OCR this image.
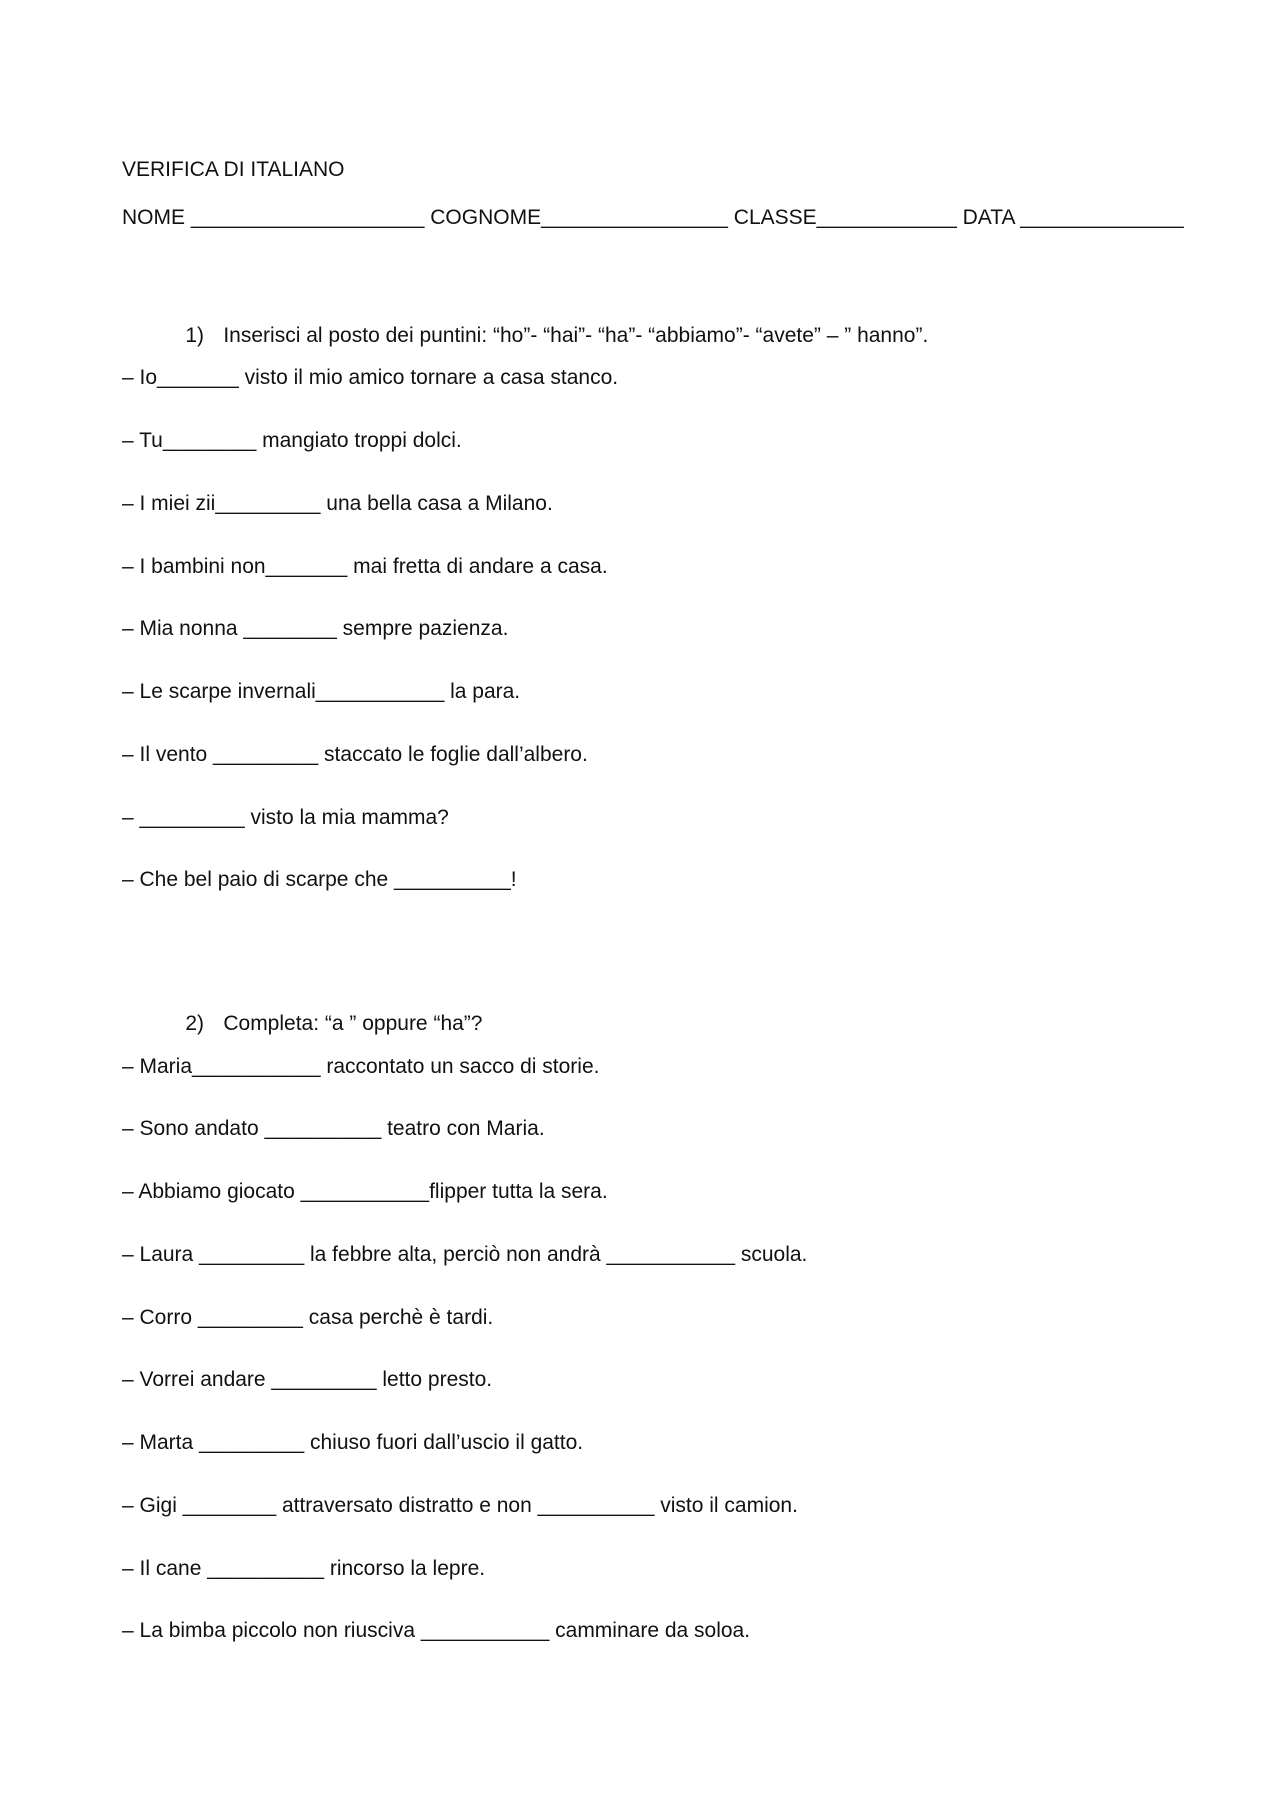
VERIFICA DI ITALIANO
NOME ____________________ COGNOME________________ CLASSE____________ DATA ______________

1) Inserisci al posto dei puntini: “ho”- “hai”- “ha”- “abbiamo”- “avete” – ” hanno”.

– Io_______ visto il mio amico tornare a casa stanco.
– Tu________ mangiato troppi dolci.
– I miei zii_________ una bella casa a Milano.
– I bambini non_______ mai fretta di andare a casa.
– Mia nonna ________ sempre pazienza.
– Le scarpe invernali___________ la para.
– Il vento _________ staccato le foglie dall’albero.
– _________ visto la mia mamma?
– Che bel paio di scarpe che __________!

2) Completa: “a ” oppure “ha”?

– Maria___________ raccontato un sacco di storie.
– Sono andato __________ teatro con Maria.
– Abbiamo giocato ___________flipper tutta la sera.
– Laura _________ la febbre alta, perciò non andrà ___________ scuola.
– Corro _________ casa perchè è tardi.
– Vorrei andare _________ letto presto.
– Marta _________ chiuso fuori dall’uscio il gatto.
– Gigi ________ attraversato distratto e non __________ visto il camion.
– Il cane __________ rincorso la lepre.
– La bimba piccolo non riusciva ___________ camminare da soloa.
